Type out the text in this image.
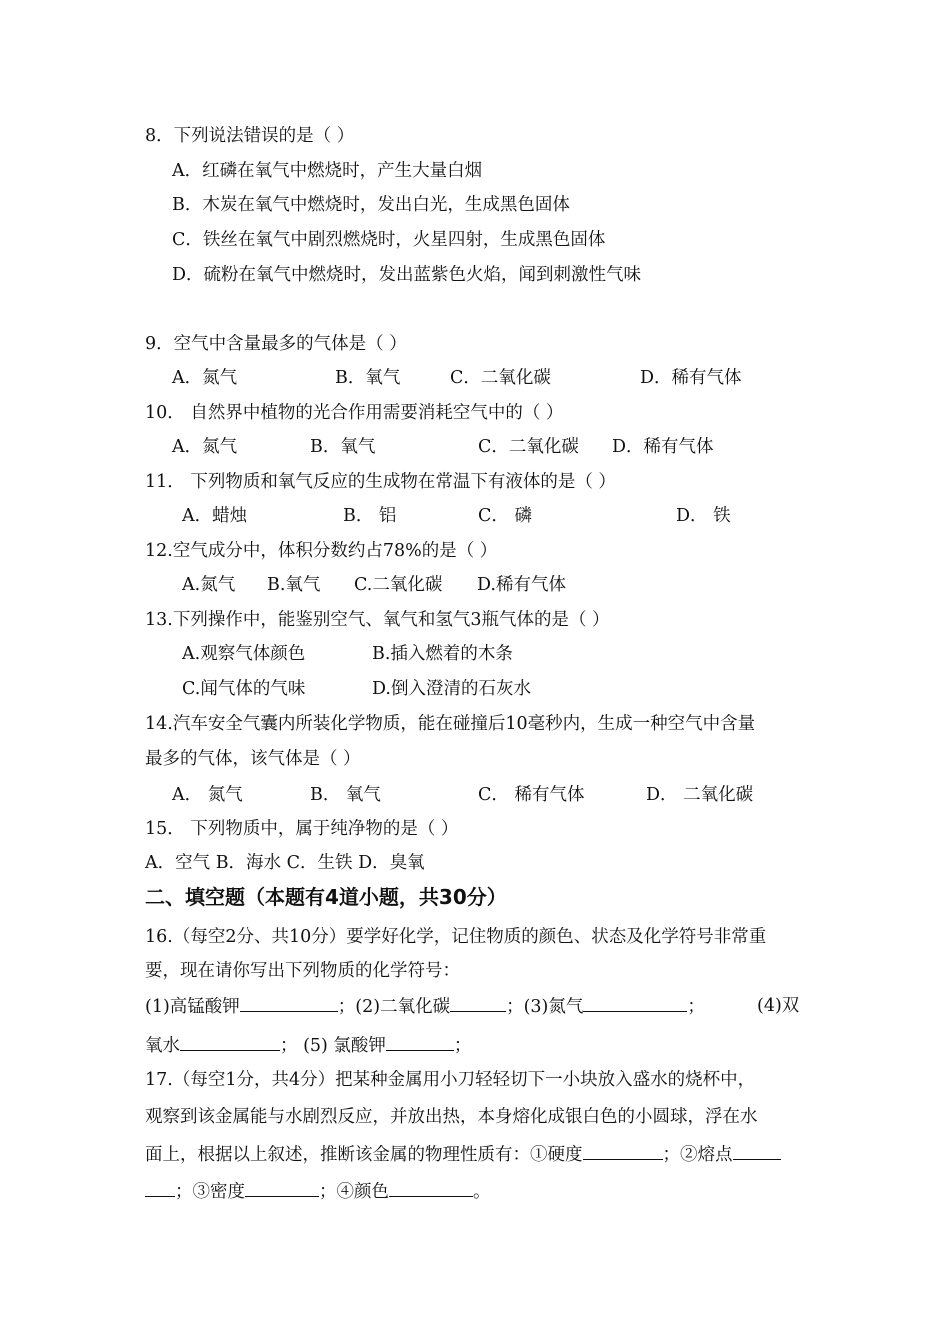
8．下列说法错误的是（ ）
A．红磷在氧气中燃烧时，产生大量白烟
B．木炭在氧气中燃烧时，发出白光，生成黑色固体
C．铁丝在氧气中剧烈燃烧时，火星四射，生成黑色固体
D．硫粉在氧气中燃烧时，发出蓝紫色火焰，闻到刺激性气味
9．空气中含量最多的气体是（ ）
A．氮气	B．氧气	C．二氧化碳	D．稀有气体
10． 自然界中植物的光合作用需要消耗空气中的（ ）
A．氮气	B．氧气	C．二氧化碳 D．稀有气体
11． 下列物质和氧气反应的生成物在常温下有液体的是（ ）
A．蜡烛	B． 铝	C． 磷	D． 铁
12.空气成分中，体积分数约占78%的是（ ）
A.氮气 B.氧气 C.二氧化碳 D.稀有气体
13.下列操作中，能鉴别空气、氧气和氢气3瓶气体的是（ ）
A.观察气体颜色	B.插入燃着的木条
C.闻气体的气味	D.倒入澄清的石灰水
14.汽车安全气囊内所装化学物质，能在碰撞后10毫秒内，生成一种空气中含量
最多的气体，该气体是（ ）
A． 氮气	B． 氧气	C． 稀有气体	D． 二氧化碳
15． 下列物质中，属于纯净物的是（ ）
A．空气 B．海水 C．生铁 D．臭氧
二、填空题（本题有4道小题，共30分）
16.（每空2分、共10分）要学好化学，记住物质的颜色、状态及化学符号非常重
要，现在请你写出下列物质的化学符号：
(1)高锰酸钾	；(2)二氧化碳	；(3)氮气	；	(4)双
氧水	； (5) 氯酸钾	；
17.（每空1分，共4分）把某种金属用小刀轻轻切下一小块放入盛水的烧杯中，
观察到该金属能与水剧烈反应，并放出热，本身熔化成银白色的小圆球，浮在水
面上，根据以上叙述，推断该金属的物理性质有：①硬度	；②熔点
；③密度	；④颜色	。
